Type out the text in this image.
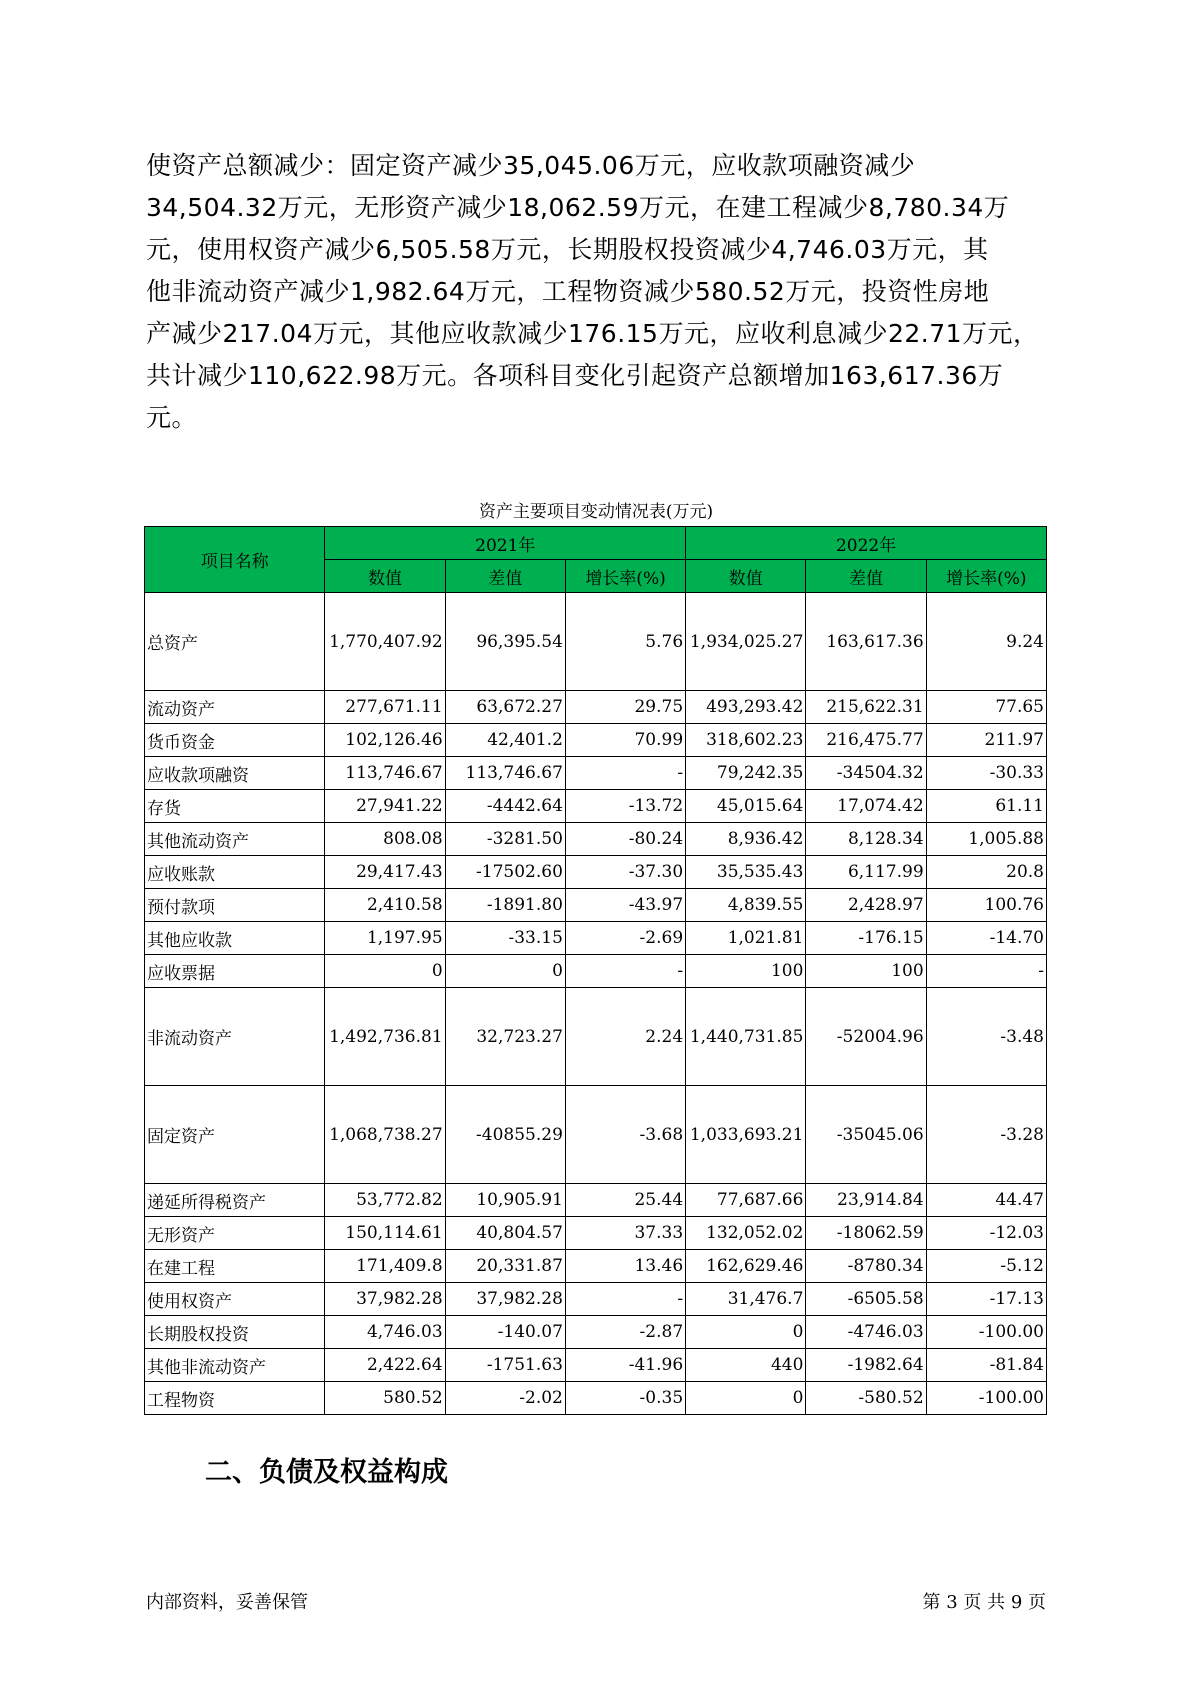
使资产总额减少：固定资产减少35,045.06万元，应收款项融资减少
34,504.32万元，无形资产减少18,062.59万元，在建工程减少8,780.34万
元，使用权资产减少6,505.58万元，长期股权投资减少4,746.03万元，其
他非流动资产减少1,982.64万元，工程物资减少580.52万元，投资性房地
产减少217.04万元，其他应收款减少176.15万元，应收利息减少22.71万元，
共计减少110,622.98万元。各项科目变化引起资产总额增加163,617.36万
元。
资产主要项目变动情况表(万元)
项目名称	2021年			2022年		
	数值	差值	增长率(%)	数值	差值	增长率(%)
总资产	1,770,407.92	96,395.54	5.76	1,934,025.27	163,617.36	9.24
流动资产	277,671.11	63,672.27	29.75	493,293.42	215,622.31	77.65
货币资金	102,126.46	42,401.2	70.99	318,602.23	216,475.77	211.97
应收款项融资	113,746.67	113,746.67	-	79,242.35	-34504.32	-30.33
存货	27,941.22	-4442.64	-13.72	45,015.64	17,074.42	61.11
其他流动资产	808.08	-3281.50	-80.24	8,936.42	8,128.34	1,005.88
应收账款	29,417.43	-17502.60	-37.30	35,535.43	6,117.99	20.8
预付款项	2,410.58	-1891.80	-43.97	4,839.55	2,428.97	100.76
其他应收款	1,197.95	-33.15	-2.69	1,021.81	-176.15	-14.70
应收票据	0	0	-	100	100	-
非流动资产	1,492,736.81	32,723.27	2.24	1,440,731.85	-52004.96	-3.48
固定资产	1,068,738.27	-40855.29	-3.68	1,033,693.21	-35045.06	-3.28
递延所得税资产	53,772.82	10,905.91	25.44	77,687.66	23,914.84	44.47
无形资产	150,114.61	40,804.57	37.33	132,052.02	-18062.59	-12.03
在建工程	171,409.8	20,331.87	13.46	162,629.46	-8780.34	-5.12
使用权资产	37,982.28	37,982.28	-	31,476.7	-6505.58	-17.13
长期股权投资	4,746.03	-140.07	-2.87	0	-4746.03	-100.00
其他非流动资产	2,422.64	-1751.63	-41.96	440	-1982.64	-81.84
工程物资	580.52	-2.02	-0.35	0	-580.52	-100.00
二、负债及权益构成
内部资料，妥善保管	第 3 页 共 9 页
